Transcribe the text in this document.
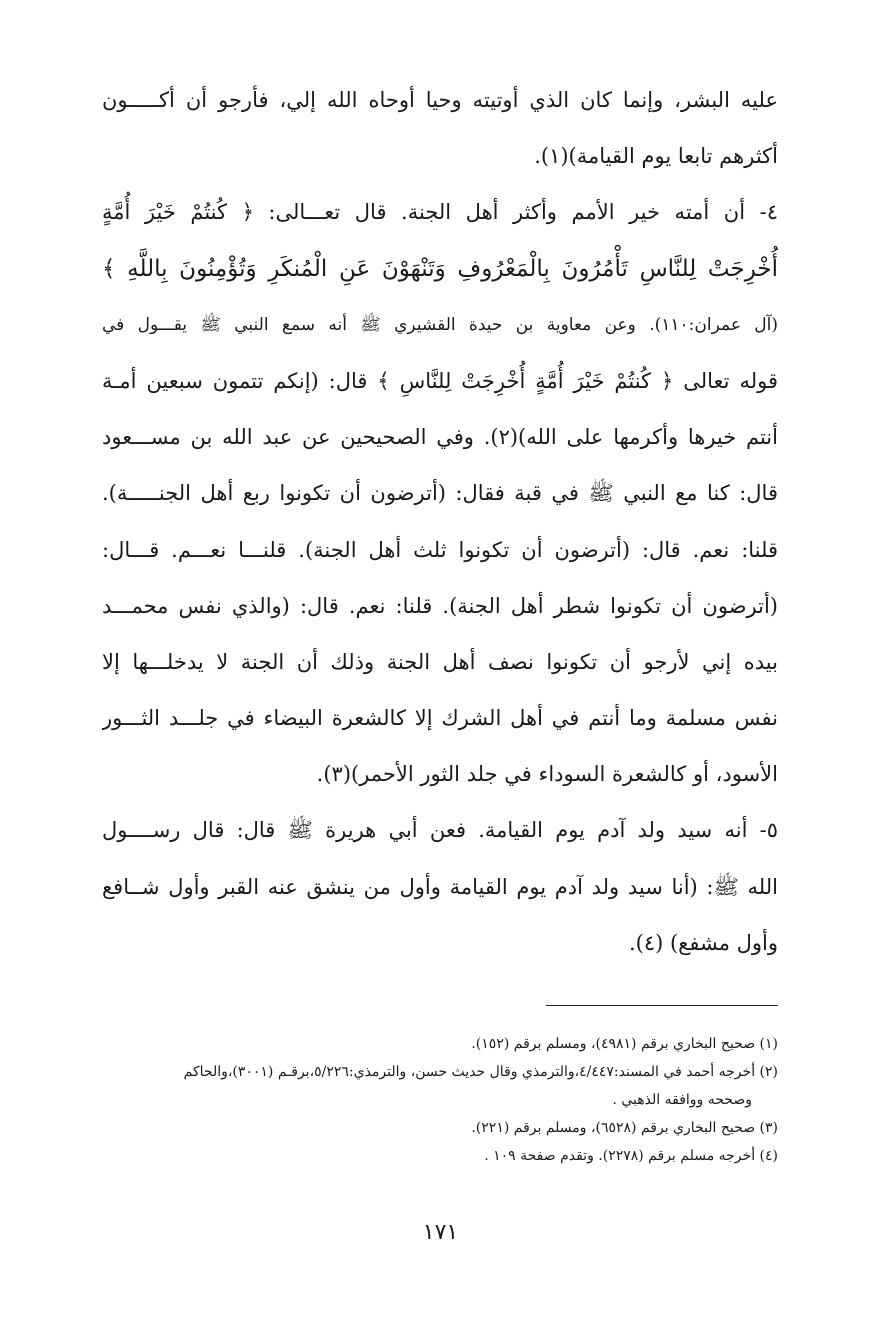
عليه البشر، وإنما كان الذي أوتيته وحيا أوحاه الله إلي، فأرجو أن أكـــــون
أكثرهم تابعا يوم القيامة)(١).
٤- أن أمته خير الأمم وأكثر أهل الجنة. قال تعـــالى: ﴿ كُنتُمْ خَيْرَ أُمَّةٍ
أُخْرِجَتْ لِلنَّاسِ تَأْمُرُونَ بِالْمَعْرُوفِ وَتَنْهَوْنَ عَنِ الْمُنكَرِ وَتُؤْمِنُونَ بِاللَّهِ ﴾
(آل عمران:١١٠). وعن معاوية بن حيدة القشيري ﷺ أنه سمع النبي ﷺ يقـــول في
قوله تعالى ﴿ كُنتُمْ خَيْرَ أُمَّةٍ أُخْرِجَتْ لِلنَّاسِ ﴾ قال: (إنكم تتمون سبعين أمـة
أنتم خيرها وأكرمها على الله)(٢). وفي الصحيحين عن عبد الله بن مســـعود
قال: كنا مع النبي ﷺ في قبة فقال: (أترضون أن تكونوا ربع أهل الجنـــــة).
قلنا: نعم. قال: (أترضون أن تكونوا ثلث أهل الجنة). قلنـــا نعـــم. قـــال:
(أترضون أن تكونوا شطر أهل الجنة). قلنا: نعم. قال: (والذي نفس محمـــد
بيده إني لأرجو أن تكونوا نصف أهل الجنة وذلك أن الجنة لا يدخلـــها إلا
نفس مسلمة وما أنتم في أهل الشرك إلا كالشعرة البيضاء في جلـــد الثـــور
الأسود، أو كالشعرة السوداء في جلد الثور الأحمر)(٣).
٥- أنه سيد ولد آدم يوم القيامة. فعن أبي هريرة ﷺ قال: قال رســــول
الله ﷺ: (أنا سيد ولد آدم يوم القيامة وأول من ينشق عنه القبر وأول شــافع
وأول مشفع) (٤).
(١) صحيح البخاري برقم (٤٩٨١)، ومسلم برقم (١٥٢).
(٢) أخرجه أحمد في المسند:٤/٤٤٧،والترمذي وقال حديث حسن، والترمذي:٥/٢٢٦،برقـم (٣٠٠١)،والحاكم
وصححه ووافقه الذهبي .
(٣) صحيح البخاري برقم (٦٥٢٨)، ومسلم برقم (٢٢١).
(٤) أخرجه مسلم برقم (٢٢٧٨). وتقدم صفحة ١٠٩ .
١٧١
